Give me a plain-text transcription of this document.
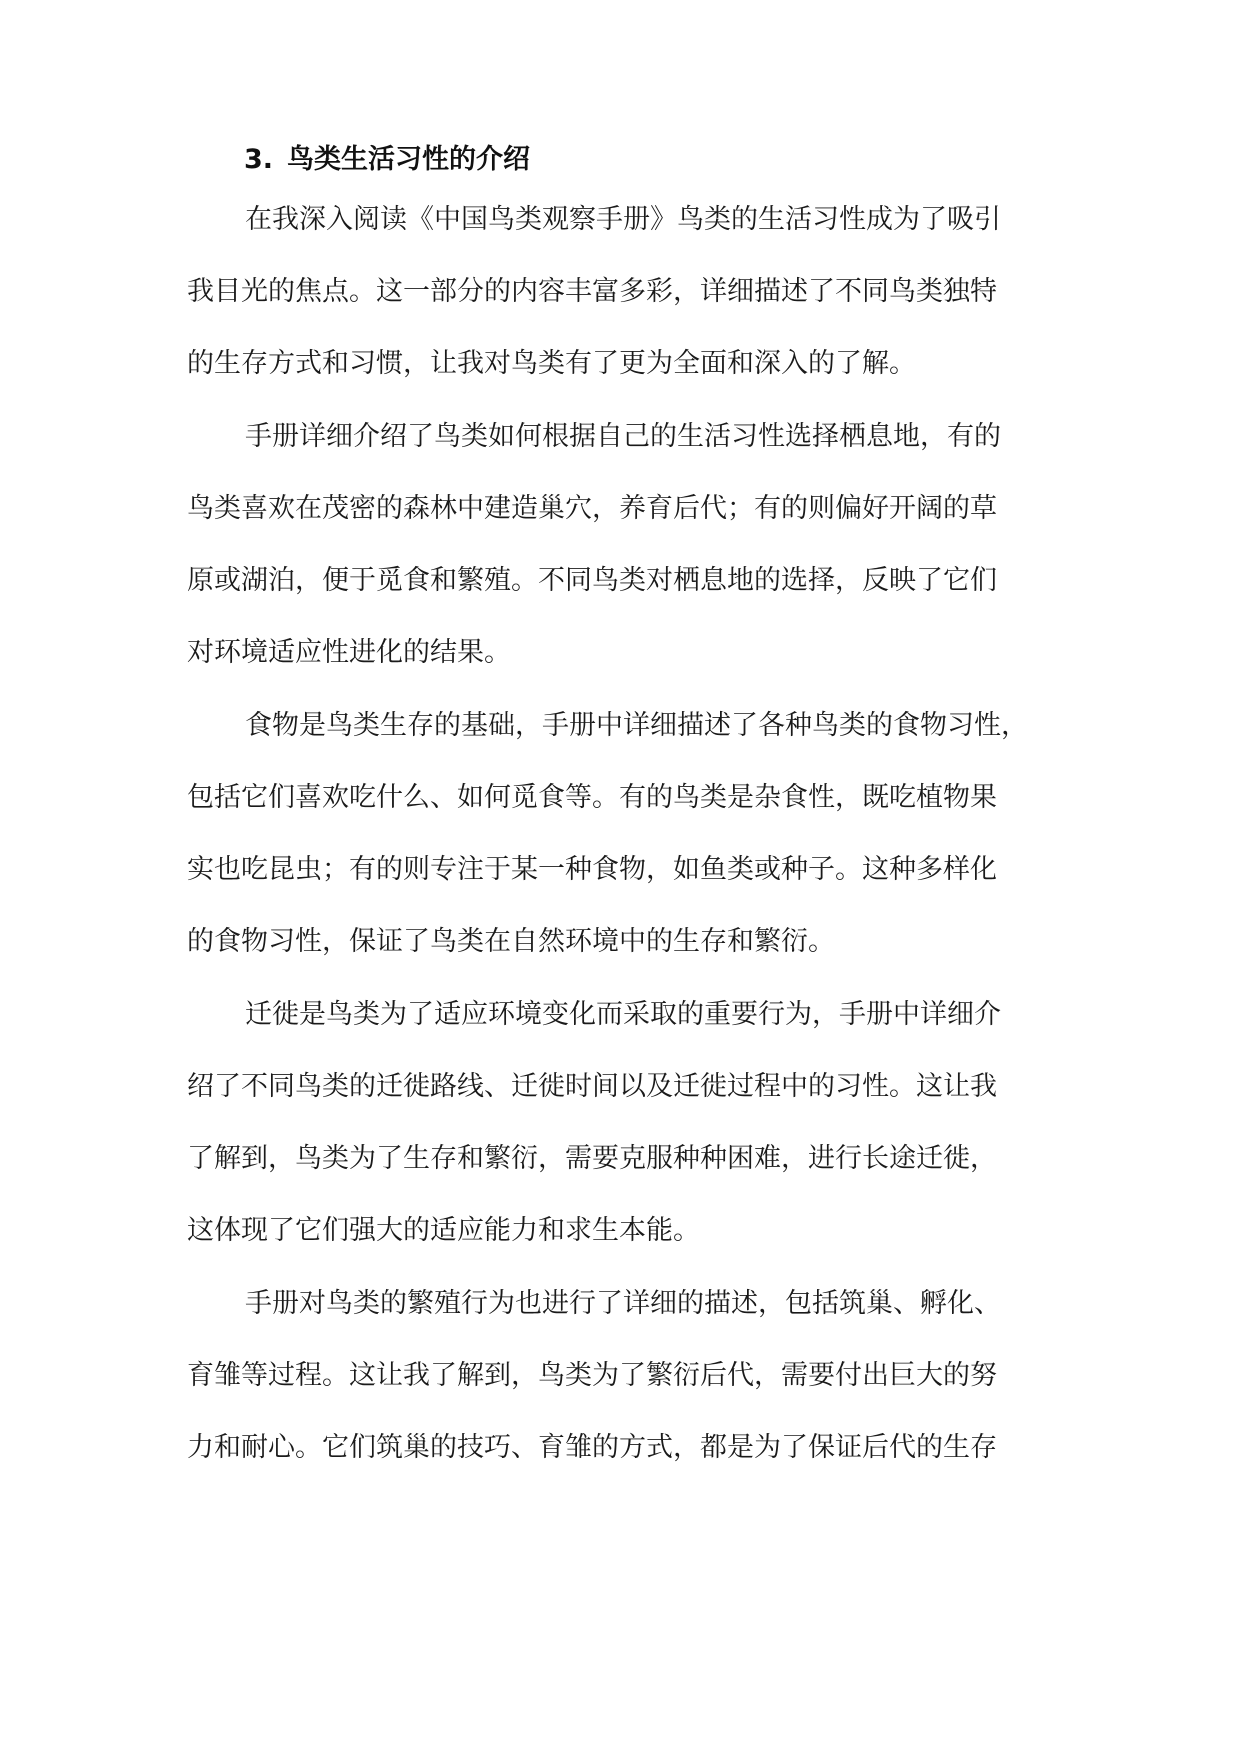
3. 鸟类生活习性的介绍
在我深入阅读《中国鸟类观察手册》鸟类的生活习性成为了吸引
我目光的焦点。这一部分的内容丰富多彩，详细描述了不同鸟类独特
的生存方式和习惯，让我对鸟类有了更为全面和深入的了解。
手册详细介绍了鸟类如何根据自己的生活习性选择栖息地，有的
鸟类喜欢在茂密的森林中建造巢穴，养育后代；有的则偏好开阔的草
原或湖泊，便于觅食和繁殖。不同鸟类对栖息地的选择，反映了它们
对环境适应性进化的结果。
食物是鸟类生存的基础，手册中详细描述了各种鸟类的食物习性，
包括它们喜欢吃什么、如何觅食等。有的鸟类是杂食性，既吃植物果
实也吃昆虫；有的则专注于某一种食物，如鱼类或种子。这种多样化
的食物习性，保证了鸟类在自然环境中的生存和繁衍。
迁徙是鸟类为了适应环境变化而采取的重要行为，手册中详细介
绍了不同鸟类的迁徙路线、迁徙时间以及迁徙过程中的习性。这让我
了解到，鸟类为了生存和繁衍，需要克服种种困难，进行长途迁徙，
这体现了它们强大的适应能力和求生本能。
手册对鸟类的繁殖行为也进行了详细的描述，包括筑巢、孵化、
育雏等过程。这让我了解到，鸟类为了繁衍后代，需要付出巨大的努
力和耐心。它们筑巢的技巧、育雏的方式，都是为了保证后代的生存
